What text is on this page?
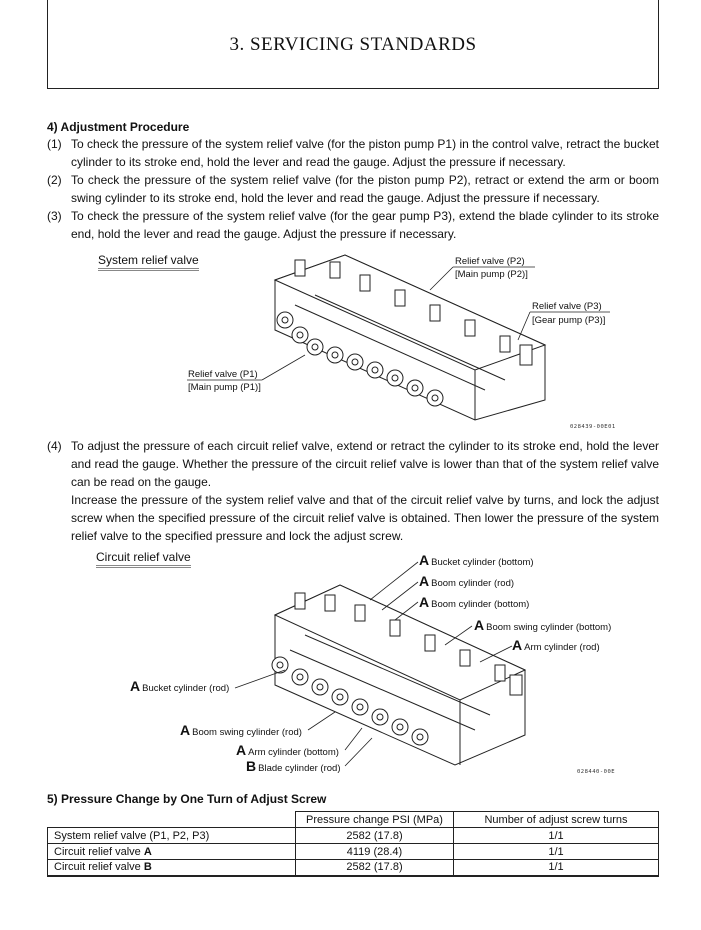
3. SERVICING STANDARDS
4) Adjustment Procedure
(1) To check the pressure of the system relief valve (for the piston pump P1) in the control valve, retract the bucket cylinder to its stroke end, hold the lever and read the gauge. Adjust the pressure if necessary.
(2) To check the pressure of the system relief valve (for the piston pump P2), retract or extend the arm or boom swing cylinder to its stroke end, hold the lever and read the gauge. Adjust the pressure if necessary.
(3) To check the pressure of the system relief valve (for the gear pump P3), extend the blade cylinder to its stroke end, hold the lever and read the gauge. Adjust the pressure if necessary.
System relief valve	Relief valve (P2)
[Main pump (P2)]
Relief valve (P3)
[Gear pump (P3)]
Relief valve (P1)
[Main pump (P1)]
028439-00E01
(4) To adjust the pressure of each circuit relief valve, extend or retract the cylinder to its stroke end, hold the lever and read the gauge. Whether the pressure of the circuit relief valve is lower than that of the system relief valve can be read on the gauge.
Increase the pressure of the system relief valve and that of the circuit relief valve by turns, and lock the adjust screw when the specified pressure of the circuit relief valve is obtained. Then lower the pressure of the system relief valve to the specified pressure and lock the adjust screw.
Circuit relief valve	A Bucket cylinder (bottom)
A Boom cylinder (rod)
A Boom cylinder (bottom)
A Boom swing cylinder (bottom)
A Arm cylinder (rod)
A Bucket cylinder (rod)
A Boom swing cylinder (rod)
A Arm cylinder (bottom)
B Blade cylinder (rod)	028440-00E
5) Pressure Change by One Turn of Adjust Screw
	Pressure change PSI (MPa)	Number of adjust screw turns
System relief valve (P1, P2, P3)	2582 (17.8)	1/1
Circuit relief valve A	4119 (28.4)	1/1
Circuit relief valve B	2582 (17.8)	1/1
